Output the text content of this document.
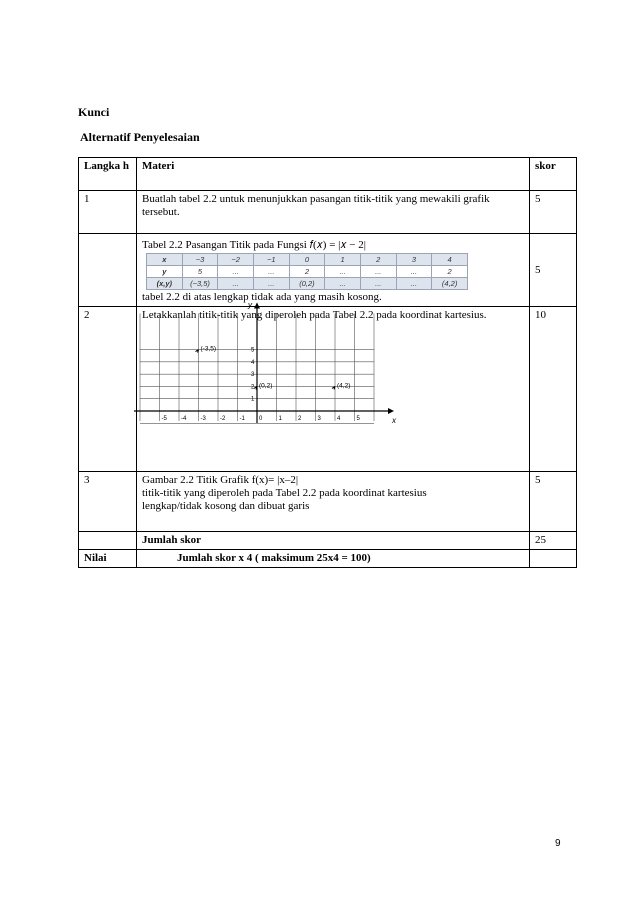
Kunci
Alternatif Penyelesaian
Langka h	Materi	skor
1	Buatlah tabel 2.2 untuk menunjukkan pasangan titik-titik yang mewakili grafik tersebut.	5

Tabel 2.2 Pasangan Titik pada Fungsi 𝑓(𝑥) = |𝑥 − 2|
x	−3	−2	−1	0	1	2	3	4
y	5	...	...	2	...	...	...	2
(x,y)	(−3,5)	...	...	(0,2)	...	...	...	(4,2)
tabel 2.2 di atas lengkap tidak ada yang masih kosong.
	5
2	Letakkanlah titik-titik yang diperoleh pada Tabel 2.2 pada koordinat kartesius.
x
y
-5 -4 -3 -2 -1 0	1	2	3	4	5
1
2
3
4
5
(-3,5)
(0,2)	(4,2)
	10
3	Gambar 2.2 Titik Grafik f(x)= |x–2|
titik-titik yang diperoleh pada Tabel 2.2 pada koordinat kartesius
lengkap/tidak kosong dan dibuat garis
	5
	Jumlah skor	25
Nilai	Jumlah skor x 4 ( maksimum 25x4 = 100)	
9
